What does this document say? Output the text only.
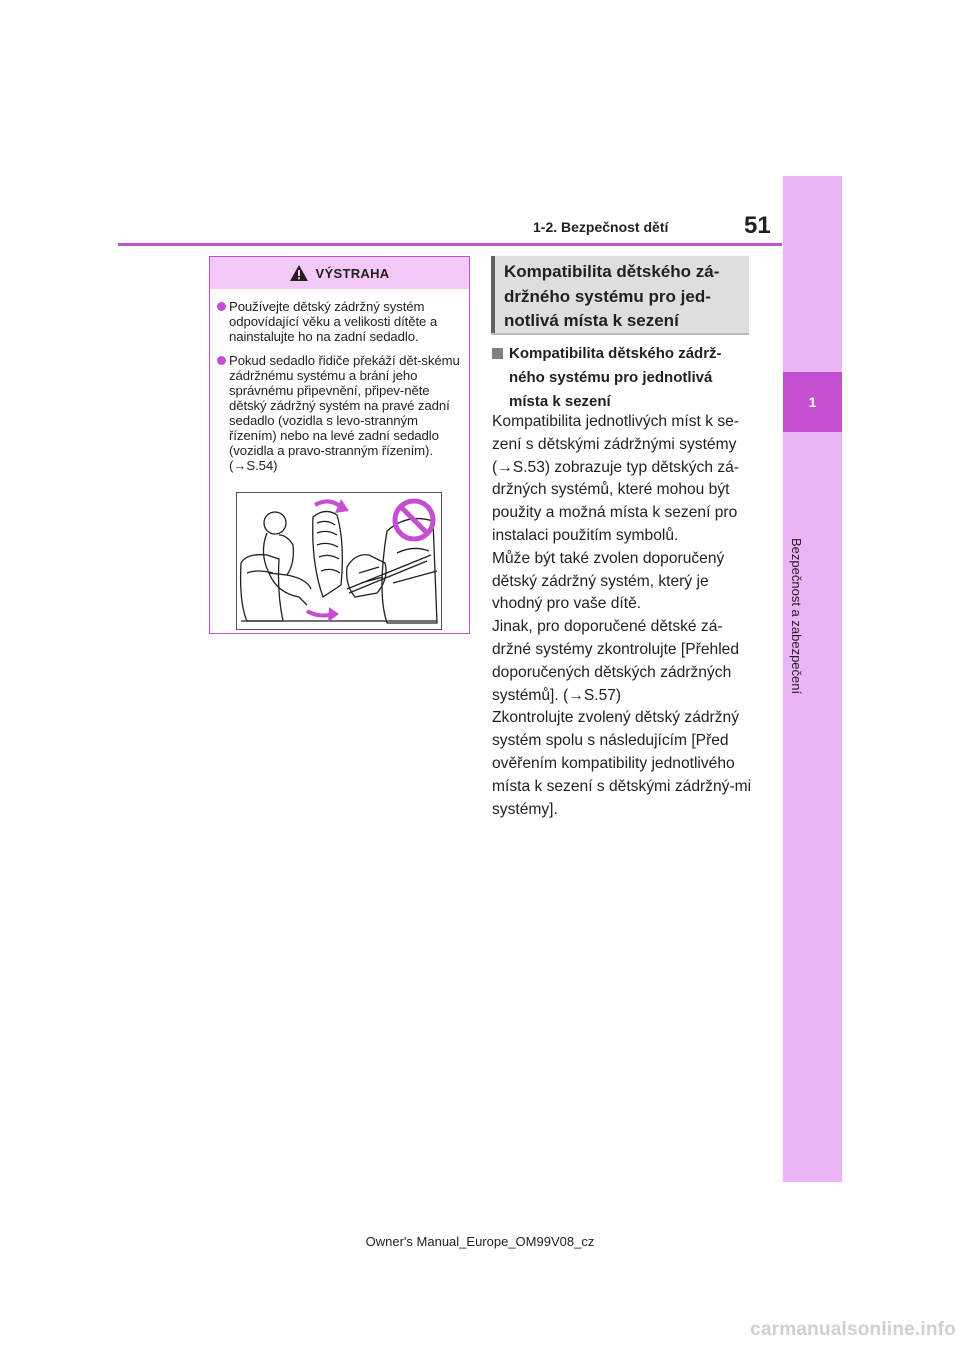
1
Bezpečnost a zabezpečení
1-2. Bezpečnost dětí	51
VÝSTRAHA
Používejte dětský zádržný systém odpovídající věku a velikosti dítěte a nainstalujte ho na zadní sedadlo.
Pokud sedadlo řidiče překáží dět-skému zádržnému systému a brání jeho správnému připevnění, připev-něte dětský zádržný systém na pravé zadní sedadlo (vozidla s levo-stranným řízením) nebo na levé zadní sedadlo (vozidla a pravo-stranným řízením). (→S.54)
Kompatibilita dětského zá-držného systému pro jed-notlivá místa k sezení
Kompatibilita dětského zádrž-ného systému pro jednotlivá místa k sezení

Kompatibilita jednotlivých míst k se-zení s dětskými zádržnými systémy (→S.53) zobrazuje typ dětských zá-držných systémů, které mohou být použity a možná místa k sezení pro instalaci použitím symbolů.

Může být také zvolen doporučený dětský zádržný systém, který je vhodný pro vaše dítě.

Jinak, pro doporučené dětské zá-držné systémy zkontrolujte [Přehled doporučených dětských zádržných systémů]. (→S.57)

Zkontrolujte zvolený dětský zádržný systém spolu s následujícím [Před ověřením kompatibility jednotlivého místa k sezení s dětskými zádržný-mi systémy].

Owner's Manual_Europe_OM99V08_cz
carmanualsonline.info
